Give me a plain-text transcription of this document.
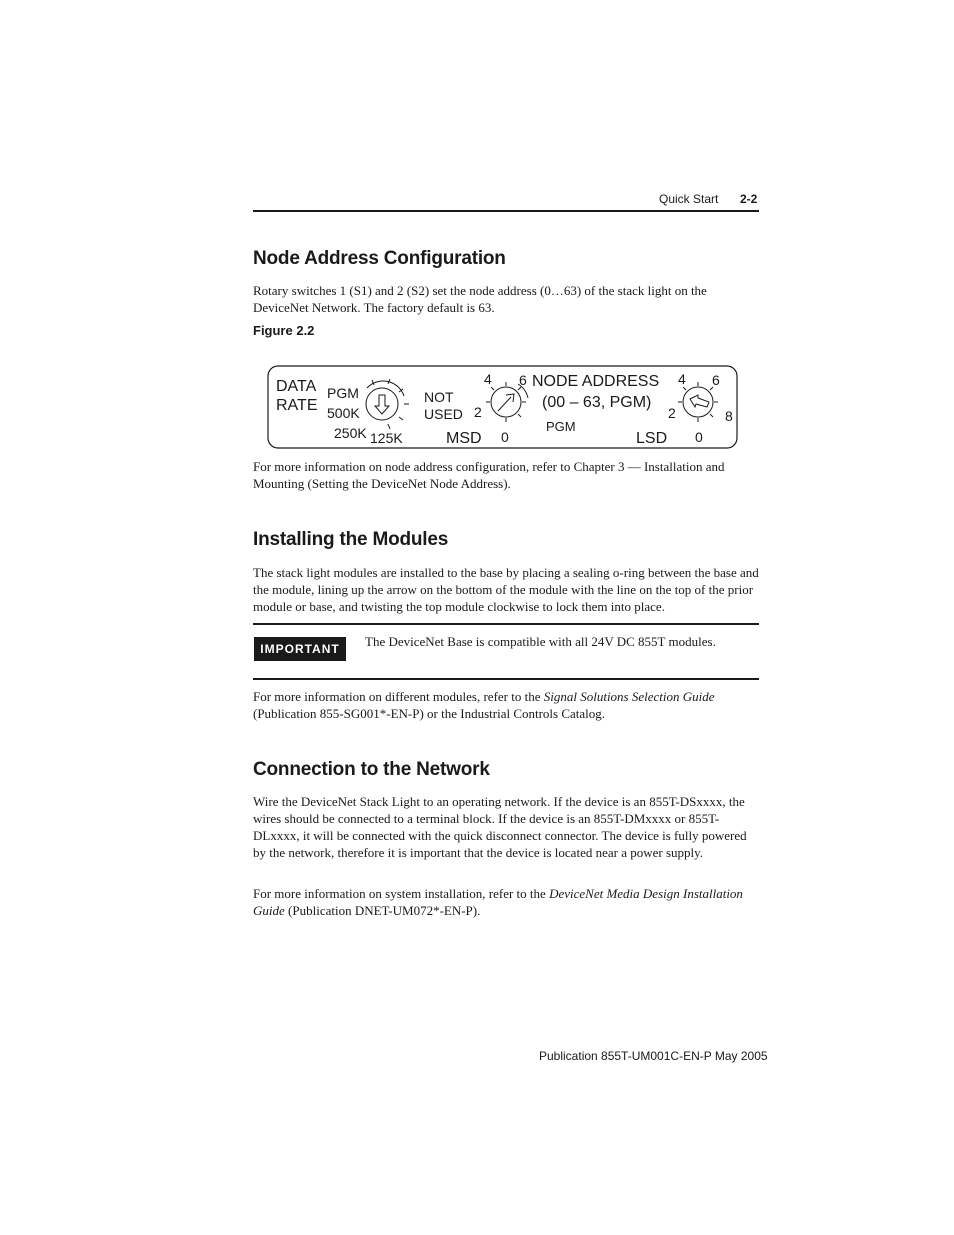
Quick Start 2-2
Node Address Configuration

Rotary switches 1 (S1) and 2 (S2) set the node address (0…63) of the stack light on the DeviceNet Network. The factory default is 63.

Figure 2.2
DATA
RATE
PGM
500K
250K 125K
NOT
USED
MSD
4 6
2
0
PGM
NODE ADDRESS
(00 – 63, PGM)
LSD
4 6
2	8
0

For more information on node address configuration, refer to Chapter 3 — Installation and Mounting (Setting the DeviceNet Node Address).

Installing the Modules

The stack light modules are installed to the base by placing a sealing o-ring between the base and the module, lining up the arrow on the bottom of the module with the line on the top of the prior module or base, and twisting the top module clockwise to lock them into place.

IMPORTANT	The DeviceNet Base is compatible with all 24V DC 855T modules.

For more information on different modules, refer to the Signal Solutions Selection Guide (Publication 855-SG001*-EN-P) or the Industrial Controls Catalog.

Connection to the Network

Wire the DeviceNet Stack Light to an operating network. If the device is an 855T-DSxxxx, the wires should be connected to a terminal block. If the device is an 855T-DMxxxx or 855T-DLxxxx, it will be connected with the quick disconnect connector. The device is fully powered by the network, therefore it is important that the device is located near a power supply.

For more information on system installation, refer to the DeviceNet Media Design Installation Guide (Publication DNET-UM072*-EN-P).

Publication 855T-UM001C-EN-P May 2005
